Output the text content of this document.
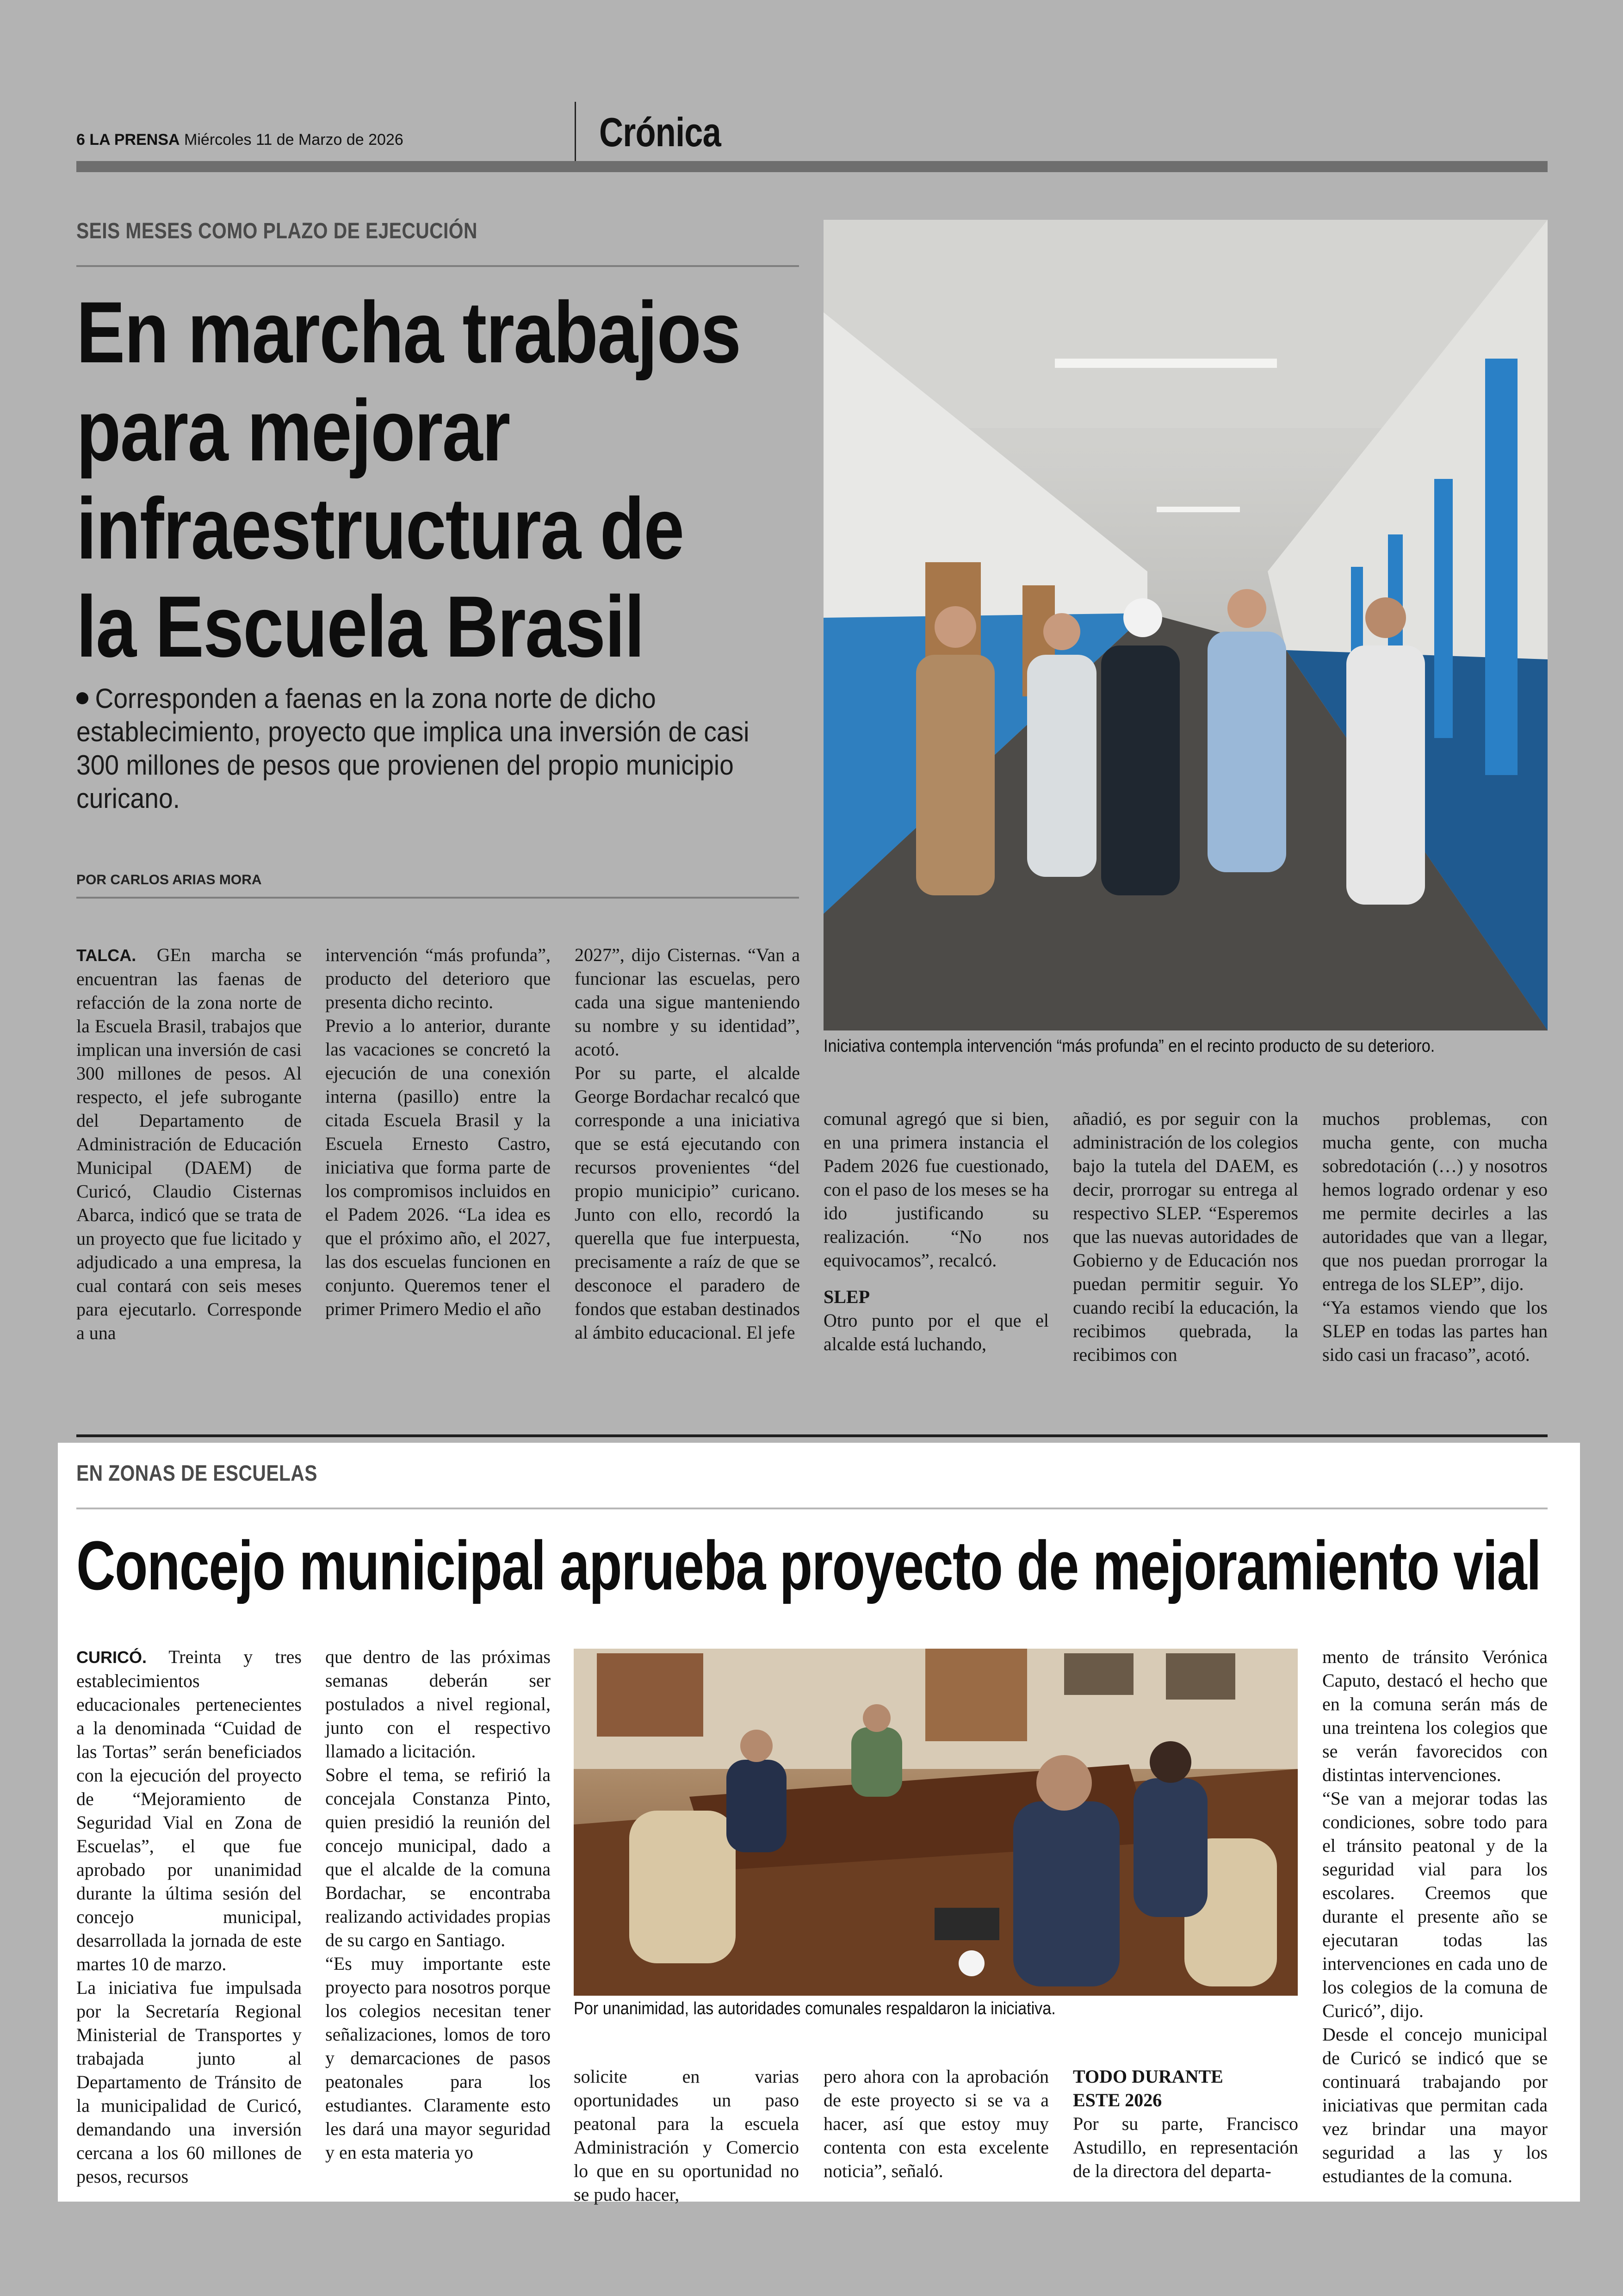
6 LA PRENSA Miércoles 11 de Marzo de 2026	Crónica
SEIS MESES COMO PLAZO DE EJECUCIÓN
En marcha trabajos
para mejorar
infraestructura de
la Escuela Brasil
Corresponden a faenas en la zona norte de dicho establecimiento, proyecto que implica una inversión de casi 300 millones de pesos que provienen del propio municipio curicano.
POR CARLOS ARIAS MORA
Iniciativa contempla intervención “más profunda” en el recinto producto de su deterioro.

TALCA. GEn marcha se encuentran las faenas de refacción de la zona norte de la Escuela Brasil, trabajos que implican una inversión de casi 300 millones de pesos. Al respecto, el jefe subrogante del Departamento de Administración de Educación Municipal (DAEM) de Curicó, Claudio Cisternas Abarca, indicó que se trata de un proyecto que fue licitado y adjudicado a una empresa, la cual contará con seis meses para ejecutarlo. Corresponde a una

intervención “más profunda”, producto del deterioro que presenta dicho recinto.
Previo a lo anterior, durante las vacaciones se concretó la ejecución de una conexión interna (pasillo) entre la citada Escuela Brasil y la Escuela Ernesto Castro, iniciativa que forma parte de los compromisos incluidos en el Padem 2026. “La idea es que el próximo año, el 2027, las dos escuelas funcionen en conjunto. Queremos tener el primer Primero Medio el año
2027”, dijo Cisternas. “Van a funcionar las escuelas, pero cada una sigue manteniendo su nombre y su identidad”, acotó.
Por su parte, el alcalde George Bordachar recalcó que corresponde a una iniciativa que se está ejecutando con recursos provenientes “del propio municipio” curicano. Junto con ello, recordó la querella que fue interpuesta, precisamente a raíz de que se desconoce el paradero de fondos que estaban destinados al ámbito educacional. El jefe

comunal agregó que si bien, en una primera instancia el Padem 2026 fue cuestionado, con el paso de los meses se ha ido justificando su realización. “No nos equivocamos”, recalcó.

SLEP

Otro punto por el que el alcalde está luchando,

añadió, es por seguir con la administración de los colegios bajo la tutela del DAEM, es decir, prorrogar su entrega al respectivo SLEP. “Esperemos que las nuevas autoridades de Gobierno y de Educación nos puedan permitir seguir. Yo cuando recibí la educación, la recibimos quebrada, la recibimos con
muchos problemas, con mucha gente, con mucha sobredotación (…) y nosotros hemos logrado ordenar y eso me permite decirles a las autoridades que van a llegar, que nos puedan prorrogar la entrega de los SLEP”, dijo.
“Ya estamos viendo que los SLEP en todas las partes han sido casi un fracaso”, acotó.
EN ZONAS DE ESCUELAS
Concejo municipal aprueba proyecto de mejoramiento vial
Por unanimidad, las autoridades comunales respaldaron la iniciativa.
CURICÓ. Treinta y tres establecimientos educacionales pertenecientes a la denominada “Cuidad de las Tortas” serán beneficiados con la ejecución del proyecto de “Mejoramiento de Seguridad Vial en Zona de Escuelas”, el que fue aprobado por unanimidad durante la última sesión del concejo municipal, desarrollada la jornada de este martes 10 de marzo.
La iniciativa fue impulsada por la Secretaría Regional Ministerial de Transportes y trabajada junto al Departamento de Tránsito de la municipalidad de Curicó, demandando una inversión cercana a los 60 millones de pesos, recursos
que dentro de las próximas semanas deberán ser postulados a nivel regional, junto con el respectivo llamado a licitación.
Sobre el tema, se refirió la concejala Constanza Pinto, quien presidió la reunión del concejo municipal, dado a que el alcalde de la comuna Bordachar, se encontraba realizando actividades propias de su cargo en Santiago.
“Es muy importante este proyecto para nosotros porque los colegios necesitan tener señalizaciones, lomos de toro y demarcaciones de pasos peatonales para los estudiantes. Claramente esto les dará una mayor seguridad y en esta materia yo
solicite en varias oportunidades un paso peatonal para la escuela Administración y Comercio lo que en su oportunidad no se pudo hacer,
pero ahora con la aprobación de este proyecto si se va a hacer, así que estoy muy contenta con esta excelente noticia”, señaló.

TODO DURANTE ESTE 2026

Por su parte, Francisco Astudillo, en representación de la directora del departa-

mento de tránsito Verónica Caputo, destacó el hecho que en la comuna serán más de una treintena los colegios que se verán favorecidos con distintas intervenciones.
“Se van a mejorar todas las condiciones, sobre todo para el tránsito peatonal y de la seguridad vial para los escolares. Creemos que durante el presente año se ejecutaran todas las intervenciones en cada uno de los colegios de la comuna de Curicó”, dijo.
Desde el concejo municipal de Curicó se indicó que se continuará trabajando por iniciativas que permitan cada vez brindar una mayor seguridad a las y los estudiantes de la comuna.
